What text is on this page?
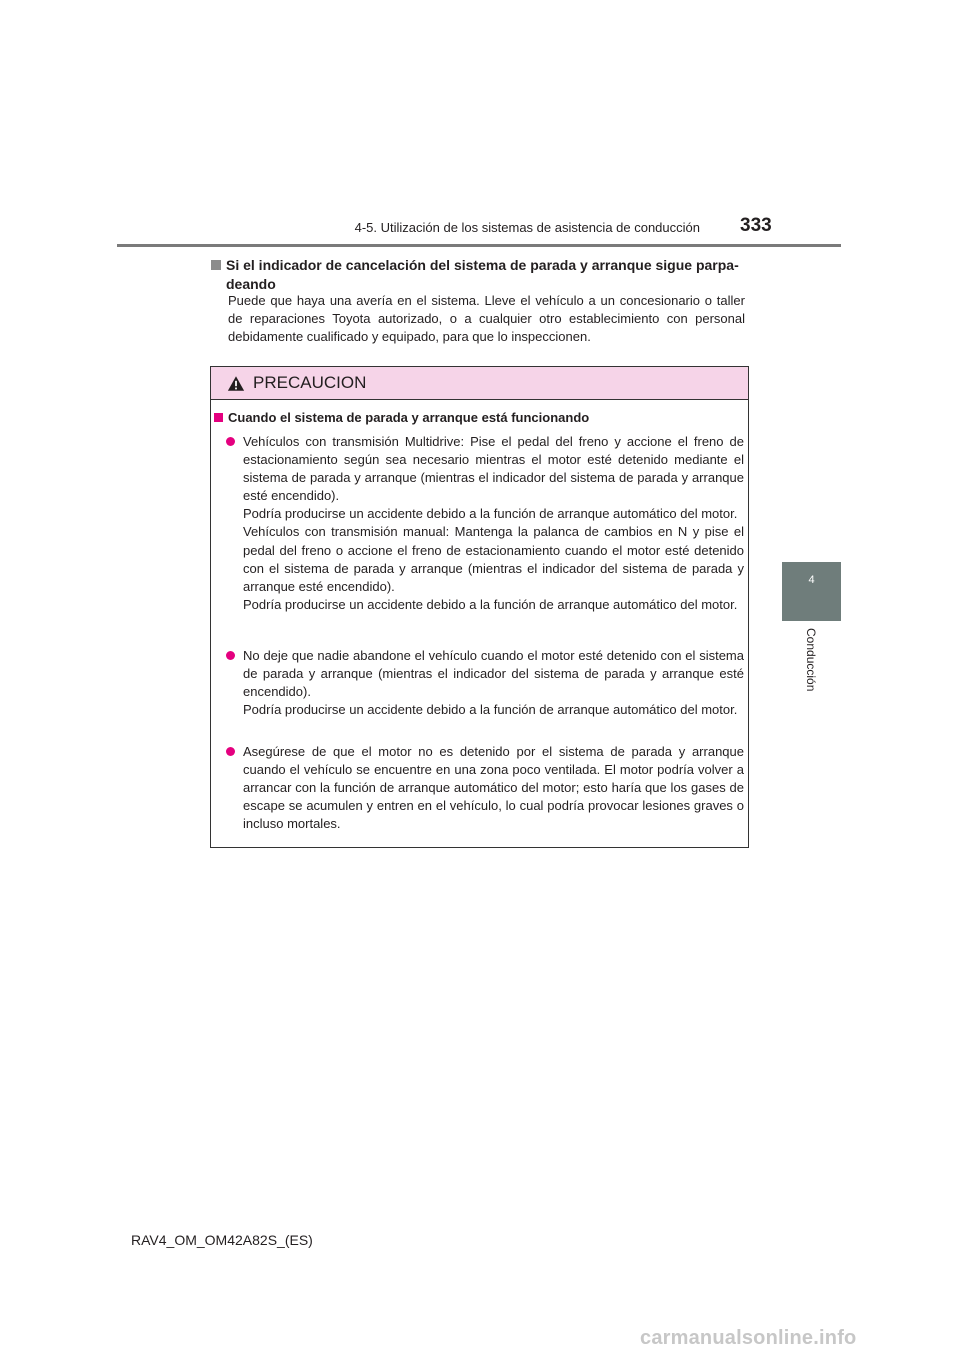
4-5. Utilización de los sistemas de asistencia de conducción 333
4
Conducción
Si el indicador de cancelación del sistema de parada y arranque sigue parpa-
deando
Puede que haya una avería en el sistema. Lleve el vehículo a un concesionario o taller de reparaciones Toyota autorizado, o a cualquier otro establecimiento con personal debidamente cualificado y equipado, para que lo inspeccionen.
PRECAUCION
Cuando el sistema de parada y arranque está funcionando

Vehículos con transmisión Multidrive: Pise el pedal del freno y accione el freno de estacionamiento según sea necesario mientras el motor esté detenido mediante el sistema de parada y arranque (mientras el indicador del sistema de parada y arranque esté encendido).

Podría producirse un accidente debido a la función de arranque automático del motor.

Vehículos con transmisión manual: Mantenga la palanca de cambios en N y pise el pedal del freno o accione el freno de estacionamiento cuando el motor esté detenido con el sistema de parada y arranque (mientras el indicador del sistema de parada y arranque esté encendido).

Podría producirse un accidente debido a la función de arranque automático del motor.

No deje que nadie abandone el vehículo cuando el motor esté detenido con el sistema de parada y arranque (mientras el indicador del sistema de parada y arranque esté encendido).

Podría producirse un accidente debido a la función de arranque automático del motor.

Asegúrese de que el motor no es detenido por el sistema de parada y arranque cuando el vehículo se encuentre en una zona poco ventilada. El motor podría volver a arrancar con la función de arranque automático del motor; esto haría que los gases de escape se acumulen y entren en el vehículo, lo cual podría provocar lesiones graves o incluso mortales.

RAV4_OM_OM42A82S_(ES)
carmanualsonline.info
